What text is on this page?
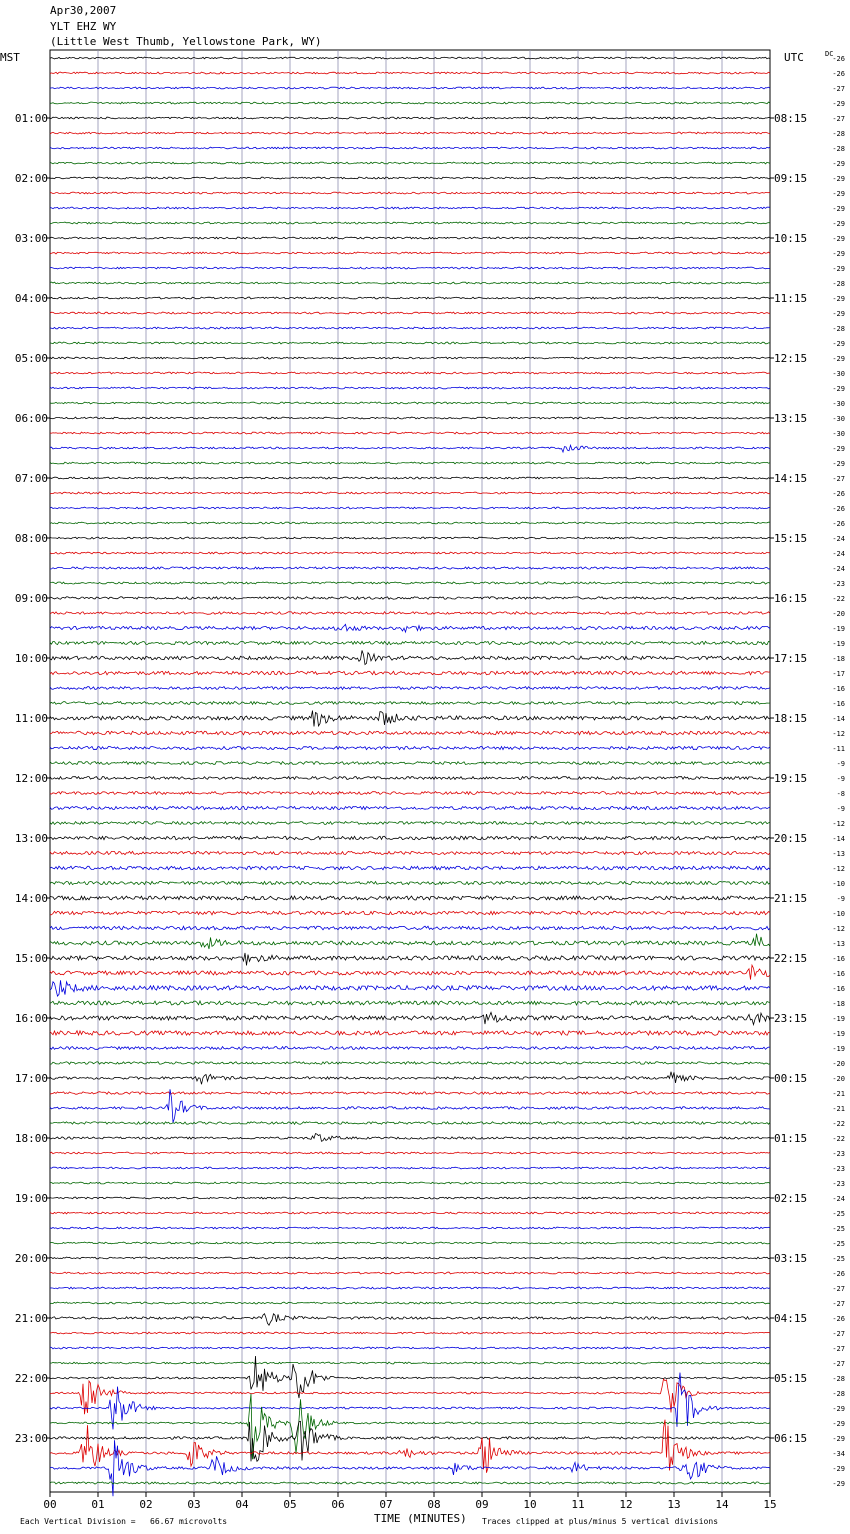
Apr30,2007
YLT EHZ WY
(Little West Thumb, Yellowstone Park, WY)
-26
-26
-27
-29
-27
-28
-28
-29
-29
-29
-29
-29
-29
-29
-29
-28
-29
-29
-28
-29
-29
-30
-29
-30
-30
-30
-29
-29
-27
-26
-26
-26
-24
-24
-24
-23
-22
-20
-19
-19
-18
-17
-16
-16
-14
-12
-11
-9
-9
-8
-9
-12
-14
-13
-12
-10
-9
-10
-12
-13
-16
-16
-16
-18
-19
-19
-19
-20
-20
-21
-21
-22
-22
-23
-23
-23
-24
-25
-25
-25
-25
-26
-27
-27
-26
-27
-27
-27
-28
-28
-29
-29
-29
-34
-29
-29
01:00
02:00
03:00
04:00
05:00
06:00
07:00
08:00
09:00
10:00
11:00
12:00
13:00
14:00
15:00
16:00
17:00
18:00
19:00
20:00
21:00
22:00
23:00
08:15
09:15
10:15
11:15
12:15
13:15
14:15
15:15
16:15
17:15
18:15
19:15
20:15
21:15
22:15
23:15
00:15
01:15
02:15
03:15
04:15
05:15
06:15
MST	UTC	DC
00	01	02	03	04	05	06	07	08	09	10	11	12	13	14	15
TIME (MINUTES)
Each Vertical Division =   66.67 microvolts	Traces clipped at plus/minus 5 vertical divisions
